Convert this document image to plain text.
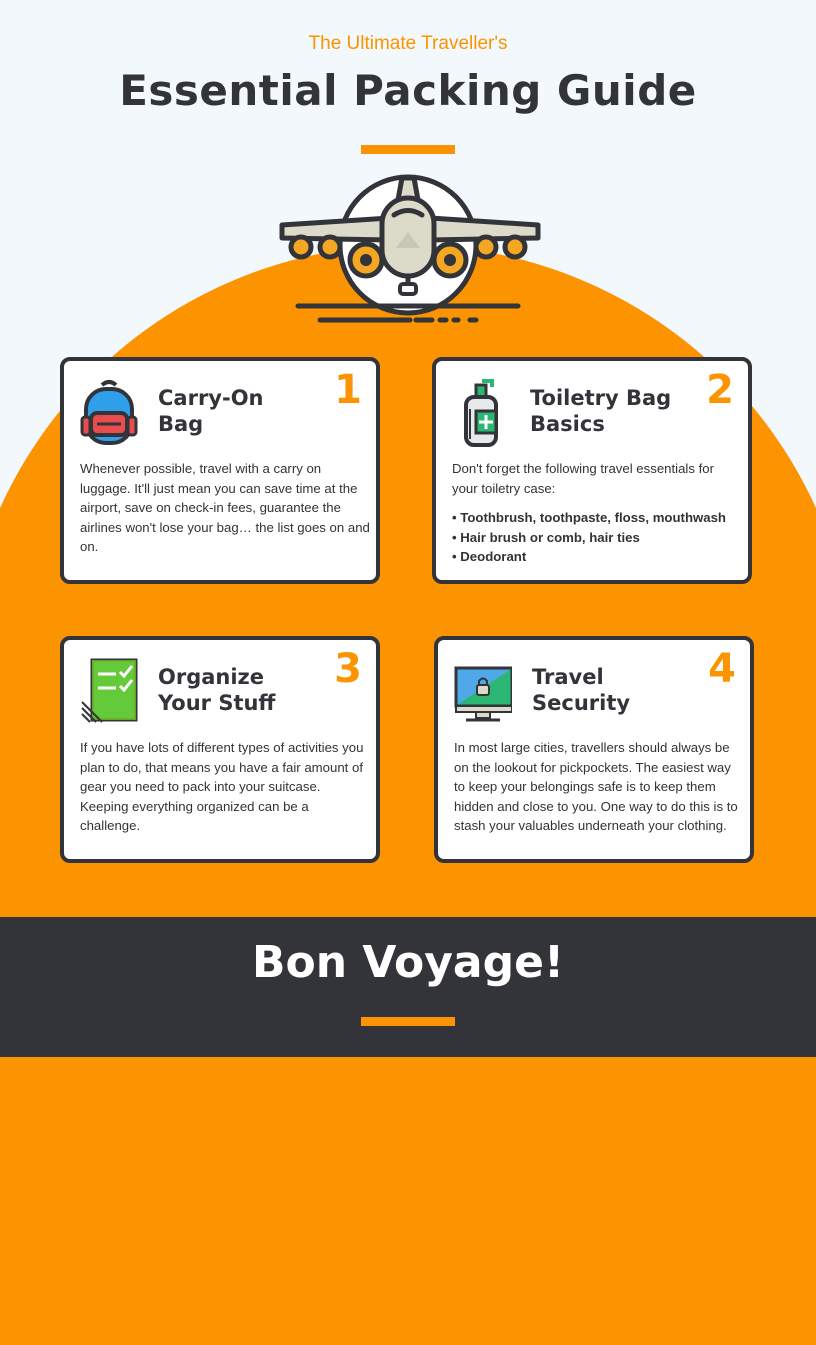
The Ultimate Traveller's
Essential Packing Guide
Carry-On
Bag
1
Whenever possible, travel with a carry on luggage. It'll just mean you can save time at the airport, save on check-in fees, guarantee the airlines won't lose your bag… the list goes on and on.
Toiletry Bag
Basics
2
Don't forget the following travel essentials for your toiletry case:
• Toothbrush, toothpaste, floss, mouthwash
• Hair brush or comb, hair ties
• Deodorant
Organize
Your Stuff
3
If you have lots of different types of activities you plan to do, that means you have a fair amount of gear you need to pack into your suitcase. Keeping everything organized can be a challenge.
Travel
Security
4
In most large cities, travellers should always be on the lookout for pickpockets. The easiest way to keep your belongings safe is to keep them hidden and close to you. One way to do this is to stash your valuables underneath your clothing.
Bon Voyage!
